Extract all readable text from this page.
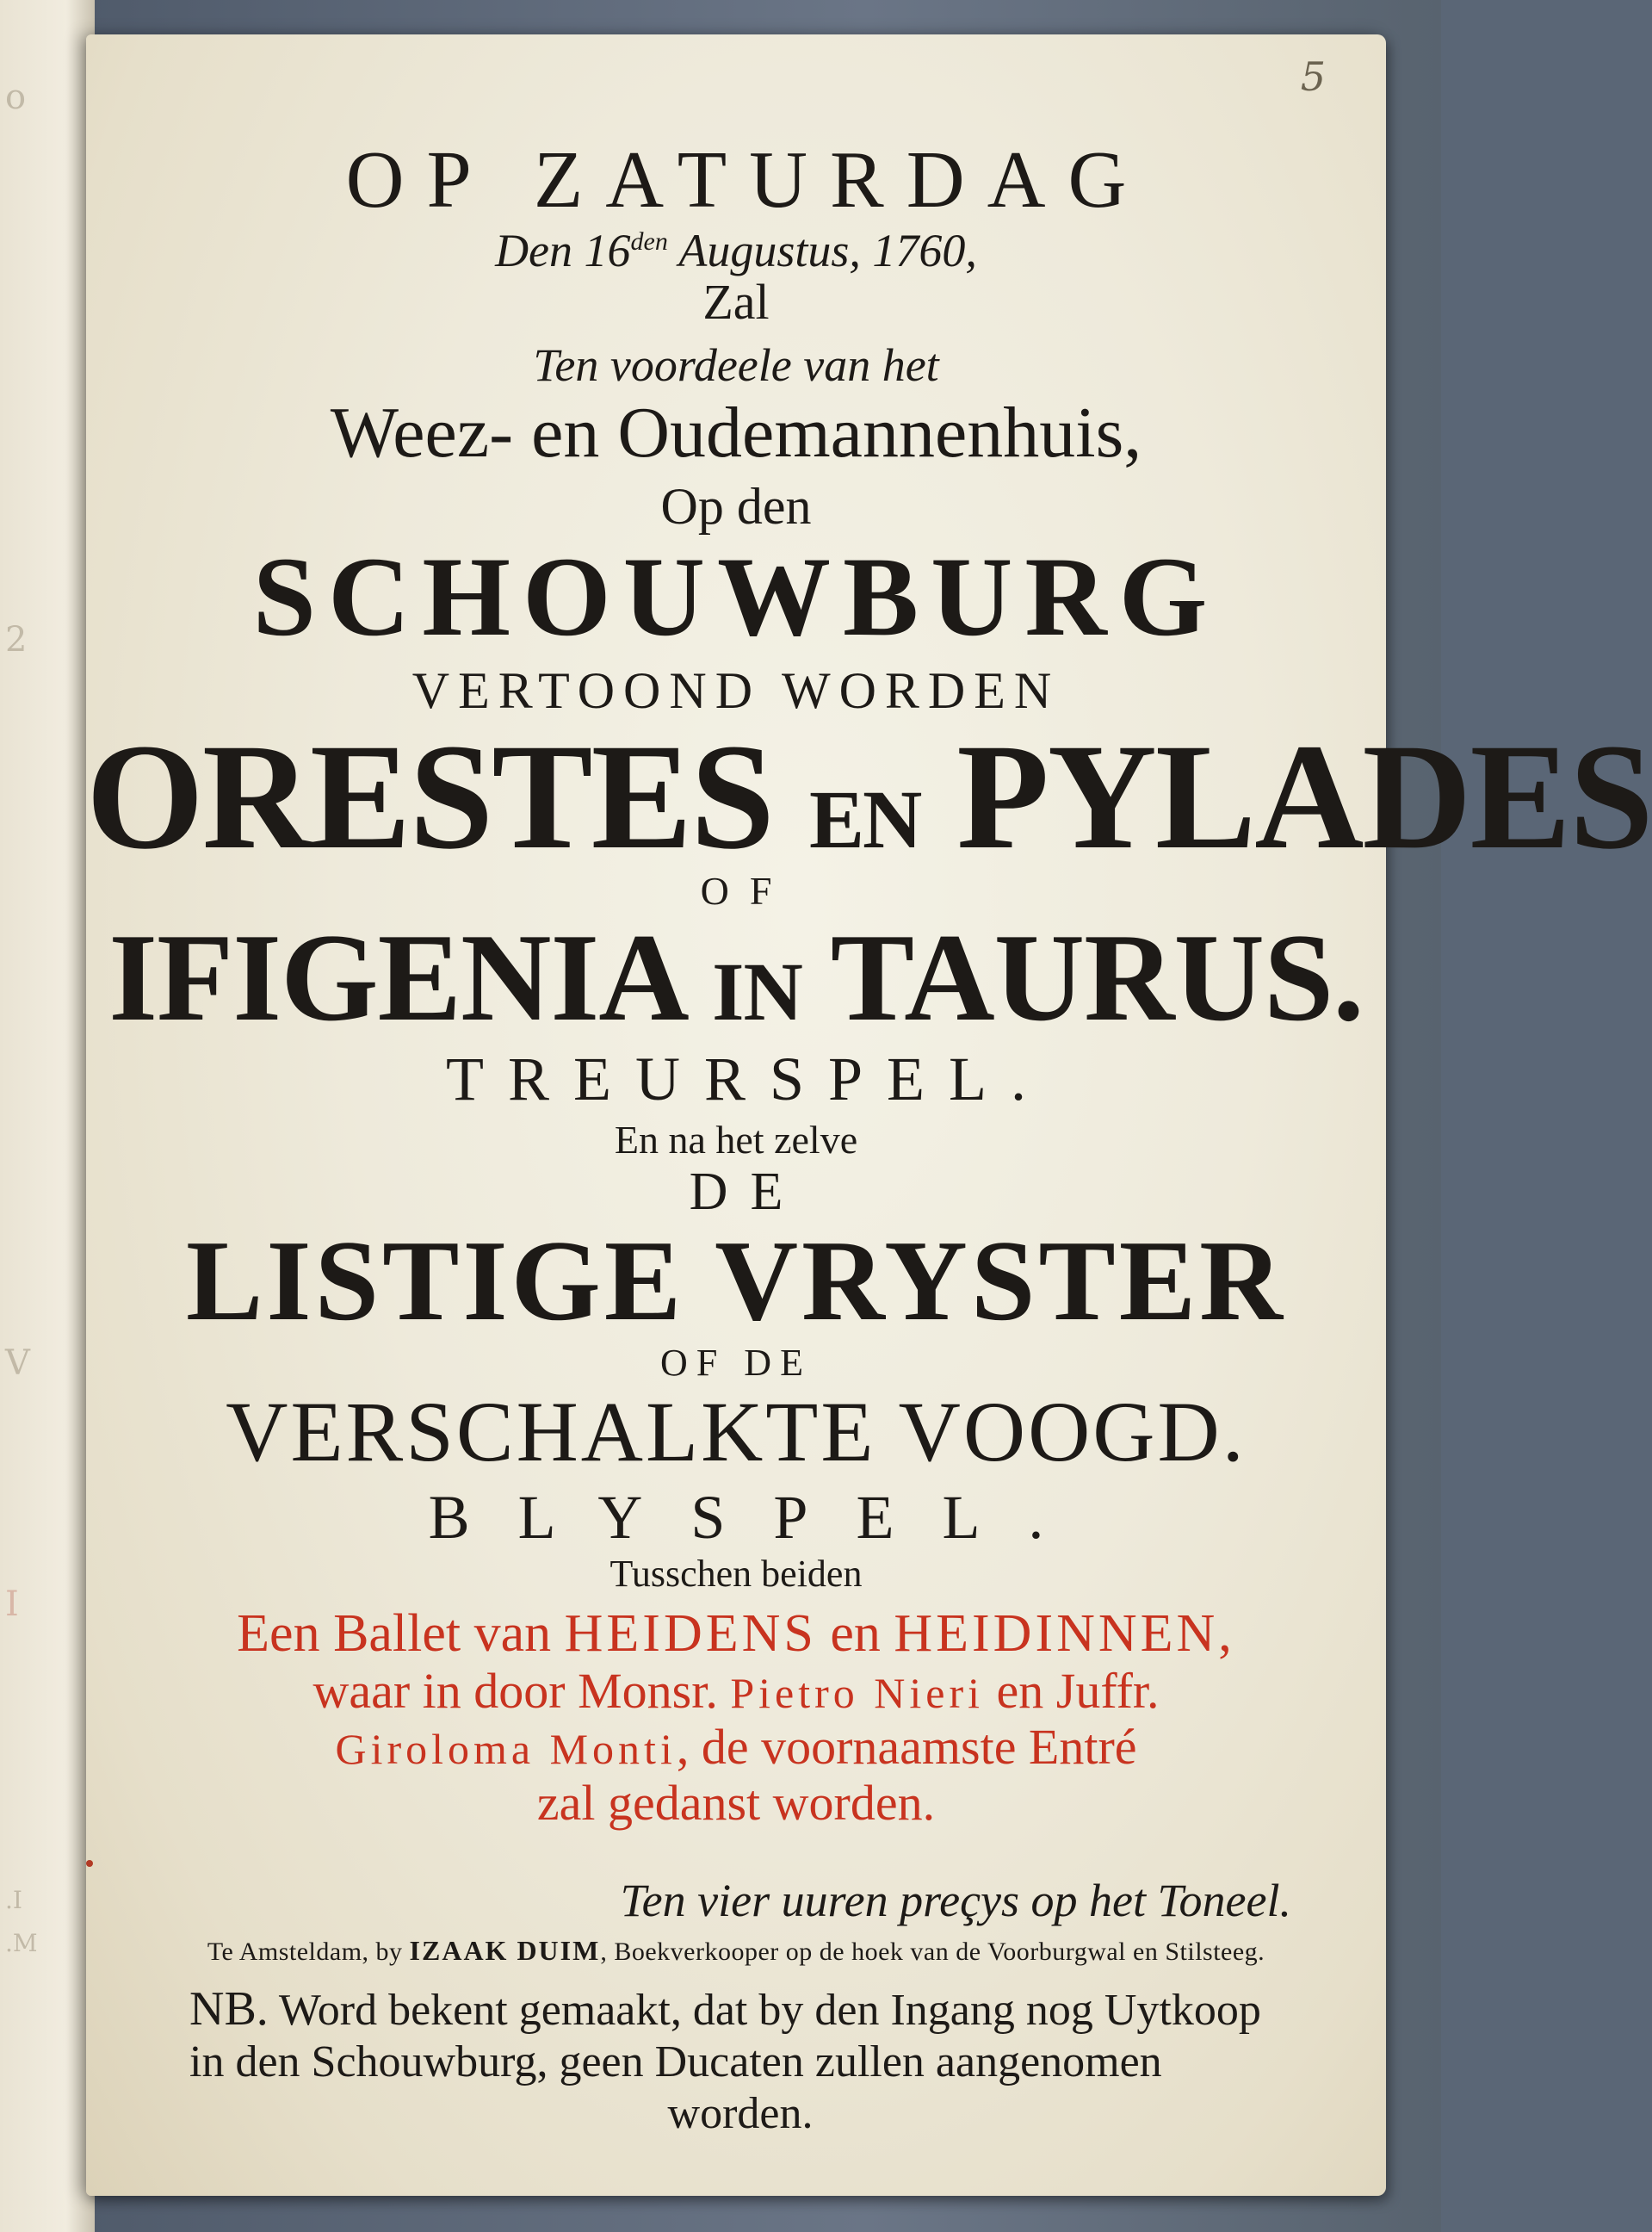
o
2
V
I
.I
.M
5
OP ZATURDAG
Den $16^{den}$ Augustus, 1760,
Zal
Ten voordeele van het
Weez- en Oudemannenhuis,
Op den
SCHOUWBURG
VERTOOND WORDEN
ORESTES EN PYLADES
OF
IFIGENIA IN TAURUS.
TREURSPEL.
En na het zelve
DE
LISTIGE VRYSTER
OF DE
VERSCHALKTE VOOGD.
BLYSPEL.
Tusschen beiden
Een Ballet van HEIDENS en HEIDINNEN,
waar in door Monsr. Pietro Nieri en Juffr.
Giroloma Monti, de voornaamste Entré
zal gedanst worden.
Ten vier uuren preçys op het Toneel.
Te Amsteldam, by IZAAK DUIM, Boekverkooper op de hoek van de Voorburgwal en Stilsteeg.
NB. Word bekent gemaakt, dat by den Ingang nog Uytkoop in den Schouwburg, geen Ducaten zullen aangenomen
worden.
